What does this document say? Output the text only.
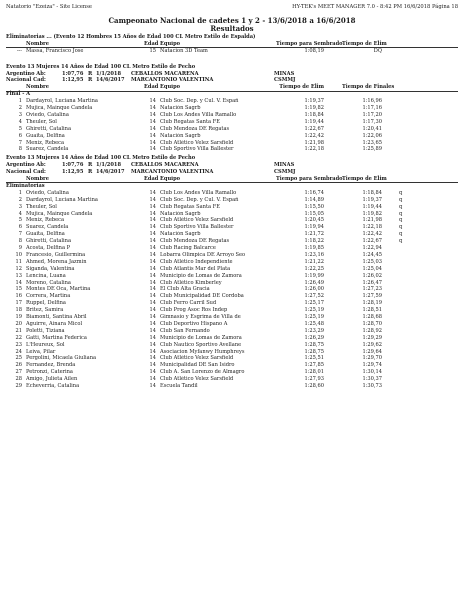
Natatorio "Ezeiza" - Site License	HY-TEK's MEET MANAGER 7.0 - 8:42 PM 16/6/2018 Página 18
Campeonato Nacional de cadetes 1 y 2 - 13/6/2018 a 16/6/2018
Resultados
Eliminatorias ... (Evento 12 Hombres 15 Años de Edad 100 CL Metro Estilo de Espalda)
Nombre	Edad Equipo	Tiempo para Sembrado Tiempo de Elim
--- Massa, Francisco Jose	15 Natacion 3D Team	1:08,19	DQ
Evento 13 Mujeres 14 Años de Edad 100 CL Metro Estilo de Pecho
Argentino Ab:	1:07,76 R 1/1/2018	CEBALLOS MACARENA	MINAS
Nacional Cad:	1:12,95 R 14/6/2017	MARCANTONIO VALENTINA	CSMMJ
Nombre	Edad Equipo	Tiempo de Elim	Tiempo de Finales
Final - A
1 Dardayrol, Luciana Martina	14 Club Soc. Dep. y Cul. V. Españ	1:19,37	1:16,96
2 Mujica, Mainque Candela	14 Natación Sagrb	1:19,82	1:17,16
3 Oviedo, Catalina	14 Club Los Andes Villa Ramallo	1:18,84	1:17,20
4 Theuler, Sol	14 Club Regatas Santa FE	1:19,44	1:17,30
5 Ghiretti, Catalina	14 Club Mendoza DE Regatas	1:22,67	1:20,41
6 Guaita, Delfina	14 Natación Sagrb	1:22,42	1:22,06
7 Meniz, Rebeca	14 Club Atlético Velez Sarsfield	1:21,98	1:23,65
8 Suarez, Candela	14 Club Sportivo Villa Ballester	1:22,18	1:25,89
Evento 13 Mujeres 14 Años de Edad 100 CL Metro Estilo de Pecho
Argentino Ab:	1:07,76 R 1/1/2018	CEBALLOS MACARENA	MINAS
Nacional Cad:	1:12,95 R 14/6/2017	MARCANTONIO VALENTINA	CSMMJ
Nombre	Edad Equipo	Tiempo para Sembrado Tiempo de Elim
Eliminatorias
1 Oviedo, Catalina	14 Club Los Andes Villa Ramallo	1:16,74	1:18,84	q
2 Dardayrol, Luciana Martina	14 Club Soc. Dep. y Cul. V. Españ	1:14,89	1:19,37	q
3 Theuler, Sol	14 Club Regatas Santa FE	1:15,50	1:19,44	q
4 Mujica, Mainque Candela	14 Natación Sagrb	1:15,05	1:19,82	q
5 Meniz, Rebeca	14 Club Atlético Velez Sarsfield	1:20,45	1:21,98	q
6 Suarez, Candela	14 Club Sportivo Villa Ballester	1:19,94	1:22,18	q
7 Guaita, Delfina	14 Natación Sagrb	1:21,72	1:22,42	q
8 Ghiretti, Catalina	14 Club Mendoza DE Regatas	1:18,22	1:22,67	q
9 Acosta, Delfina P	14 Club Racing Balcarce	1:19,85	1:22,94
10 Francesio, Guillermina	14 Lobarra Olimpica DE Arroyo Seo	1:23,16	1:24,45
11 Ahmed, Morena Jazmin	14 Club Atlético Independiente	1:21,22	1:25,03
12 Siganda, Valentina	14 Club Atlantis Mar del Plata	1:22,25	1:25,04
13 Lencina, Luana	14 Municipio de Lomas de Zamora	1:19,99	1:26,02
14 Moreno, Catalina	14 Club Atlético Kimberley	1:26,49	1:26,47
15 Montes DE Oca, Martina	14 El Club Alta Gracia	1:26,00	1:27,23
16 Correra, Martina	14 Club Municipalidad DE Cordoba	1:27,52	1:27,59
17 Ruppel, Delfina	14 Club Ferro Carril Sud	1:25,17	1:28,19
18 Britez, Samira	14 Club Prog Asoc Ros Indep	1:25,19	1:28,51
19 Biamonti, Santina Abril	14 Gimnasio y Esgrima de Villa de	1:25,19	1:28,68
20 Aguirre, Ainara Micol	14 Club Deportivo Hispano A	1:25,48	1:28,70
21 Poletti, Tiziana	14 Club San Fernando	1:23,29	1:28,92
22 Gatti, Martina Federica	14 Municipio de Lomas de Zamora	1:26,29	1:29,29
23 L'Heureux, Sol	14 Club Nautico Sportivo Avellane	1:28,75	1:29,62
24 Leiva, Pilar	14 Asociacion Myfanwy Humphreys	1:28,75	1:29,64
25 Pergolini, Micaela Giuliana	14 Club Atlético Velez Sarsfield	1:25,51	1:29,70
26 Fernandez, Brenda	14 Municipalidad DE San Isidro	1:27,85	1:29,74
27 Petronzi, Caterina	14 Club A. San Lorenzo de Almagro	1:28,01	1:30,14
28 Amigo, Julieta Ailen	14 Club Atlético Velez Sarsfield	1:27,93	1:30,37
29 Echeverria, Catalina	14 Escuela Tandil	1:28,60	1:30,73
